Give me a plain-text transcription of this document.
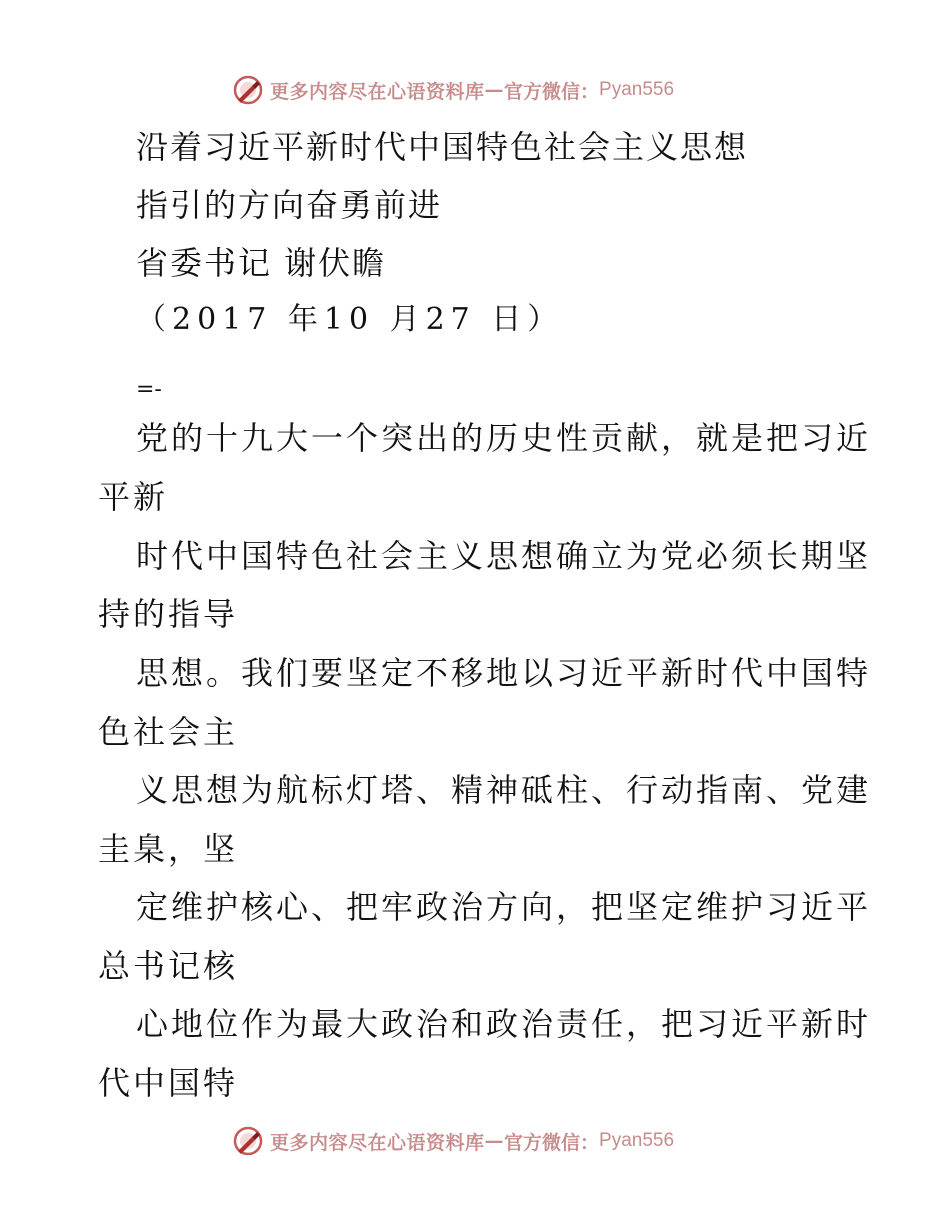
更多内容尽在心语资料库 — 官方微信： Pyan556
沿着习近平新时代中国特色社会主义思想
指引的方向奋勇前进
省委书记 谢伏瞻
（2017 年10 月27 日）
=-
党的十九大一个突出的历史性贡献，就是把习近
平新
时代中国特色社会主义思想确立为党必须长期坚
持的指导
思想。我们要坚定不移地以习近平新时代中国特
色社会主
义思想为航标灯塔、精神砥柱、行动指南、党建
圭臬，坚
定维护核心、把牢政治方向，把坚定维护习近平
总书记核
心地位作为最大政治和政治责任，把习近平新时
代中国特
更多内容尽在心语资料库 — 官方微信： Pyan556
